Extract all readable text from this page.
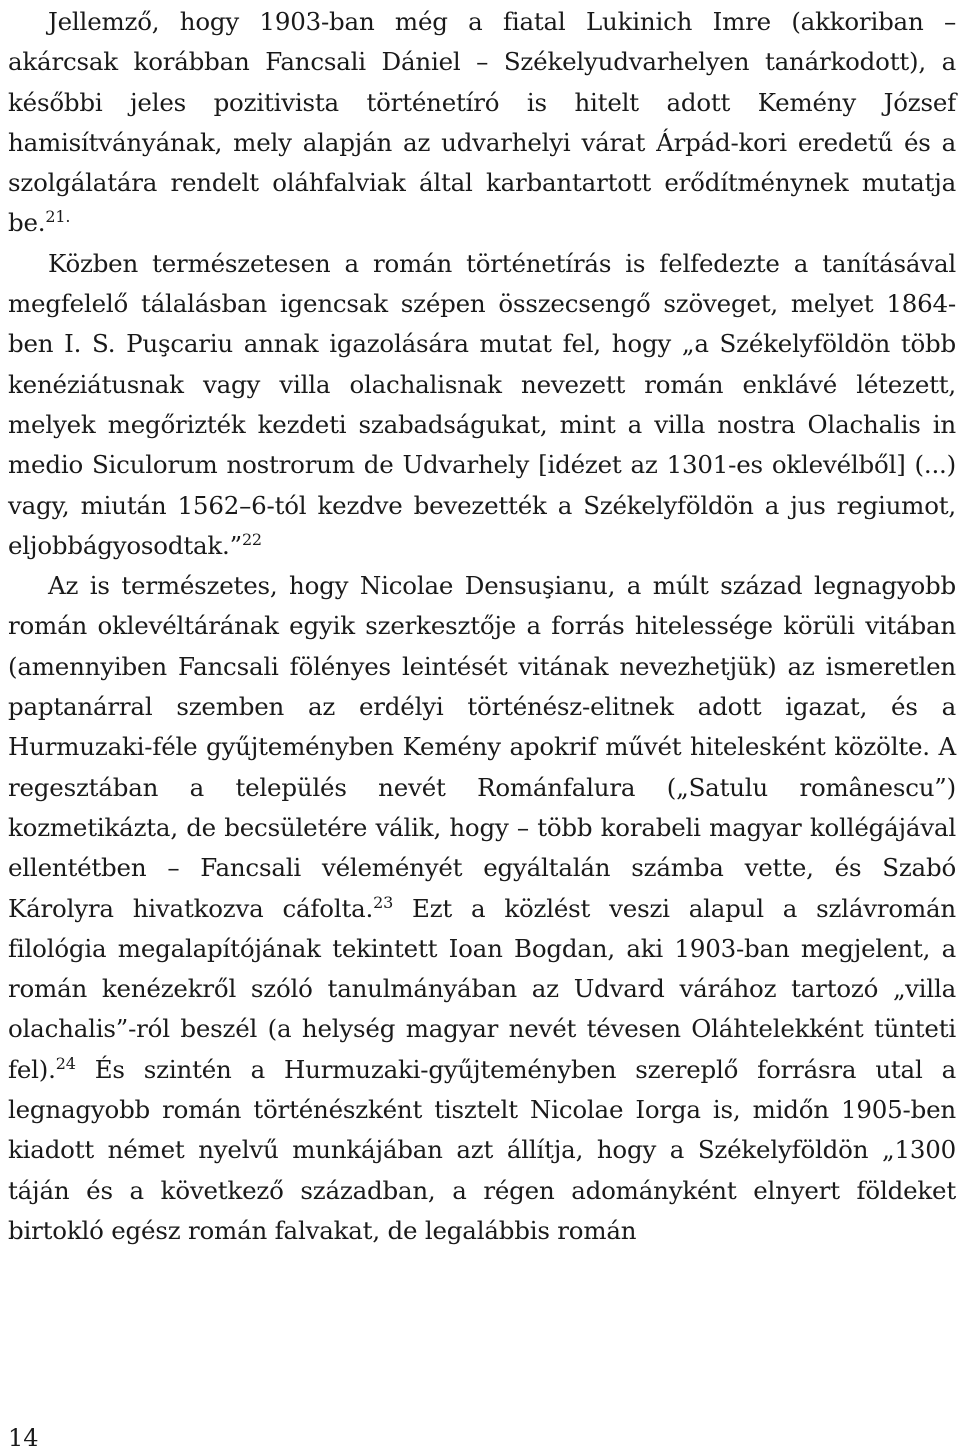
Jellemző, hogy 1903-ban még a fiatal Lukinich Imre (akkoriban – akárcsak korábban Fancsali Dániel – Székelyudvarhelyen tanárkodott), a későbbi jeles pozitivista történetíró is hitelt adott Kemény József hamisítványának, mely alapján az udvarhelyi várat Árpád-kori eredetű és a szolgálatára rendelt oláhfalviak által karbantartott erődítménynek mutatja be.$^{21.}$

Közben természetesen a román történetírás is felfedezte a tanításával megfelelő tálalásban igencsak szépen összecsengő szöveget, melyet 1864-ben I. S. Puşcariu annak igazolására mutat fel, hogy „a Székelyföldön több kenéziátusnak vagy villa olachalisnak nevezett román enklávé létezett, melyek megőrizték kezdeti szabadságukat, mint a villa nostra Olachalis in medio Siculorum nostrorum de Udvarhely [idézet az 1301-es oklevélből] (...) vagy, miután 1562–6-tól kezdve bevezették a Székelyföldön a jus regiumot, eljobbágyosodtak.”$^{22}$

Az is természetes, hogy Nicolae Densuşianu, a múlt század legnagyobb román oklevéltárának egyik szerkesztője a forrás hitelessége körüli vitában (amennyiben Fancsali fölényes leintését vitának nevezhetjük) az ismeretlen paptanárral szemben az erdélyi történész-elitnek adott igazat, és a Hurmuzaki-féle gyűjteményben Kemény apokrif művét hitelesként közölte. A regesztában a település nevét Románfalura („Satulu românescu”) kozmetikázta, de becsületére válik, hogy – több korabeli magyar kollégájával ellentétben – Fancsali véleményét egyáltalán számba vette, és Szabó Károlyra hivatkozva cáfolta.$^{23}$ Ezt a közlést veszi alapul a szlávromán filológia megalapítójának tekintett Ioan Bogdan, aki 1903-ban megjelent, a román kenézekről szóló tanulmányában az Udvard várához tartozó „villa olachalis”-ról beszél (a helység magyar nevét tévesen Oláhtelekként tünteti fel).$^{24}$ És szintén a Hurmuzaki-gyűjteményben szereplő forrásra utal a legnagyobb román történészként tisztelt Nicolae Iorga is, midőn 1905-ben kiadott német nyelvű munkájában azt állítja, hogy a Székelyföldön „1300 táján és a következő században, a régen adományként elnyert földeket birtokló egész román falvakat, de legalábbis román

14
